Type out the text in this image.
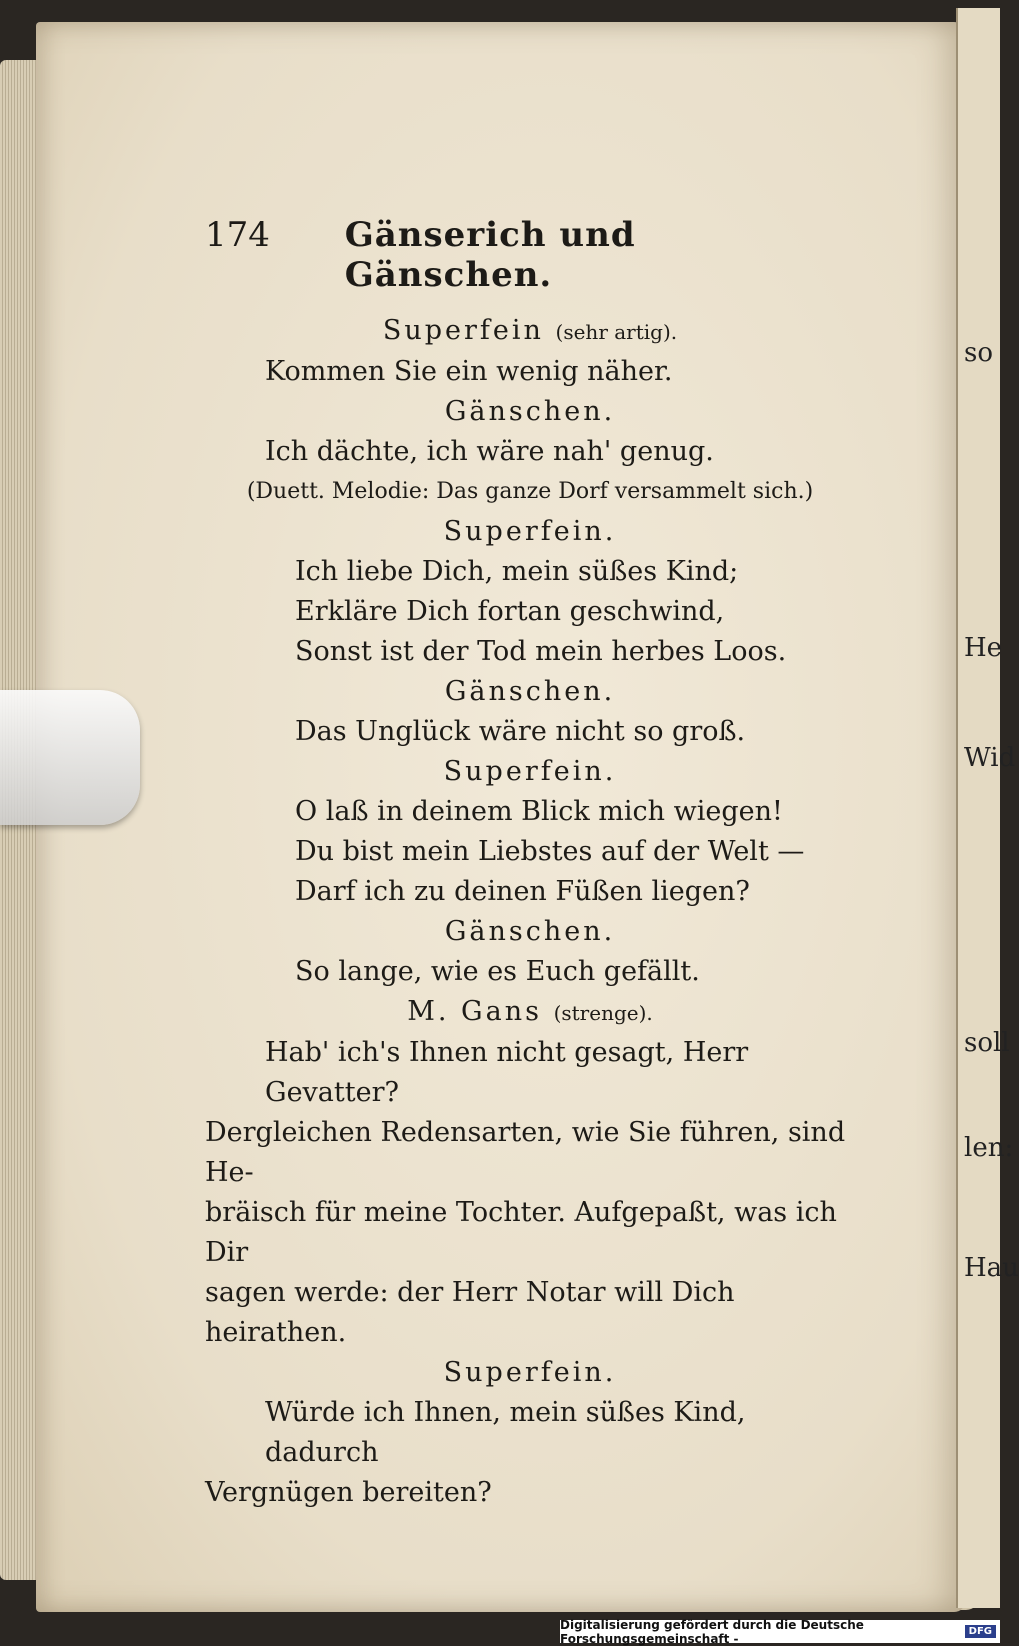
so
He
Wid
soll
len:
Hau
174	Gänserich und Gänschen.
Superfein (sehr artig).
Kommen Sie ein wenig näher.
Gänschen.
Ich dächte, ich wäre nah' genug.
(Duett. Melodie: Das ganze Dorf versammelt sich.)
Superfein.
Ich liebe Dich, mein süßes Kind;
Erkläre Dich fortan geschwind,
Sonst ist der Tod mein herbes Loos.
Gänschen.
Das Unglück wäre nicht so groß.
Superfein.
O laß in deinem Blick mich wiegen!
Du bist mein Liebstes auf der Welt —
Darf ich zu deinen Füßen liegen?
Gänschen.
So lange, wie es Euch gefällt.
M. Gans (strenge).
Hab' ich's Ihnen nicht gesagt, Herr Gevatter?
Dergleichen Redensarten, wie Sie führen, sind He-
bräisch für meine Tochter. Aufgepaßt, was ich Dir
sagen werde: der Herr Notar will Dich heirathen.
Superfein.
Würde ich Ihnen, mein süßes Kind, dadurch
Vergnügen bereiten?
Digitalisierung gefördert durch die Deutsche Forschungsgemeinschaft -	DFG
